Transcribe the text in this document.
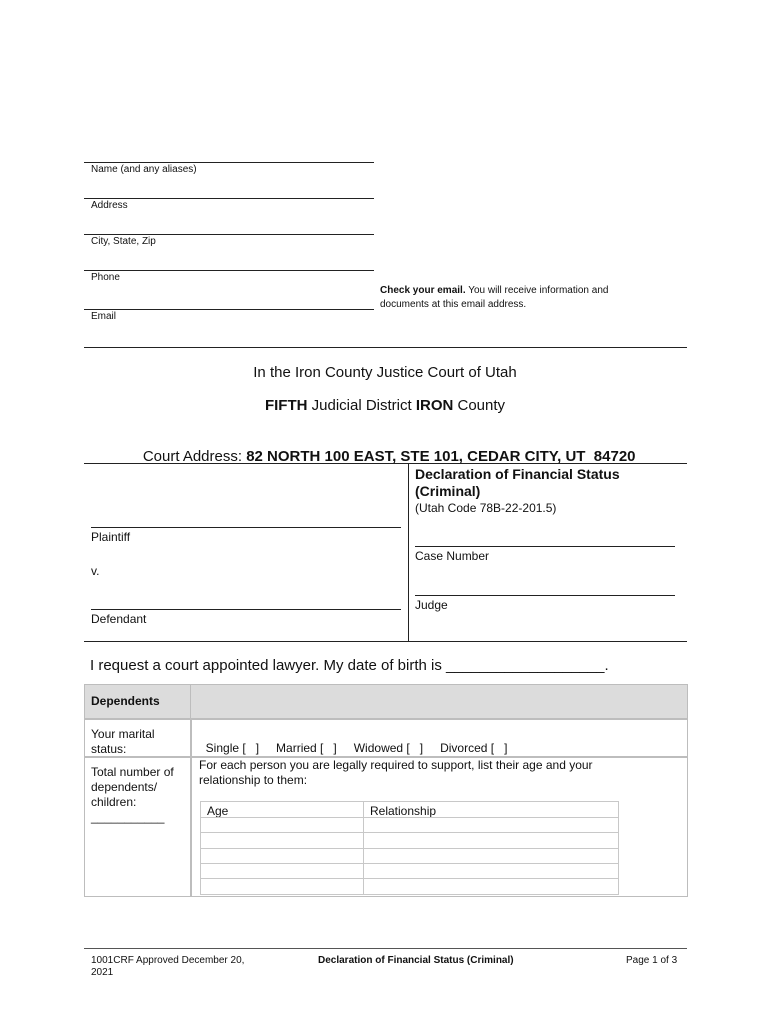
Name (and any aliases)
Address
City, State, Zip
Phone
Check your email. You will receive information and
documents at this email address.
Email
In the Iron County Justice Court of Utah
FIFTH Judicial District IRON County

Court Address: 82 NORTH 100 EAST, STE 101, CEDAR CITY, UT  84720

Declaration of Financial Status
(Criminal)
(Utah Code 78B-22-201.5)
Plaintiff
v.
Defendant
Case Number
Judge
I request a court appointed lawyer. My date of birth is ___________________.
Dependents
Your marital
status:	Single [   ] Married [   ] Widowed [   ] Divorced [   ]

Total number of
dependents/
children:
___________
For each person you are legally required to support, list their age and your
relationship to them:
Age	Relationship
1001CRF Approved December 20,
2021
Declaration of Financial Status (Criminal)	Page 1 of 3
